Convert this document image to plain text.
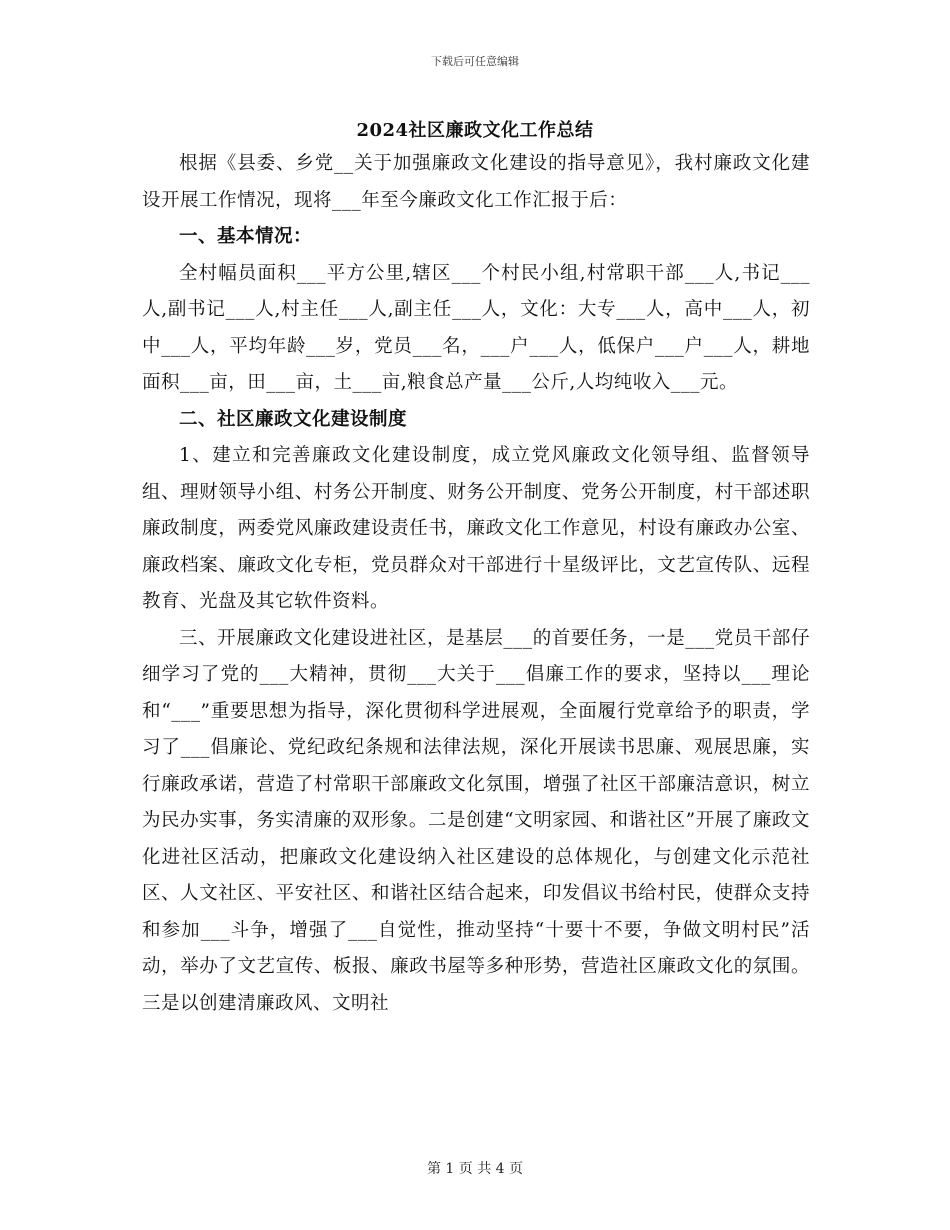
下载后可任意编辑
2024社区廉政文化工作总结

根据《县委、乡党__关于加强廉政文化建设的指导意见》，我村廉政文化建设开展工作情况，现将___年至今廉政文化工作汇报于后：

一、基本情况：

全村幅员面积___平方公里,辖区___个村民小组,村常职干部___人,书记___人,副书记___人,村主任___人,副主任___人，文化：大专___人，高中___人，初中___人，平均年龄___岁，党员___名，___户___人，低保户___户___人，耕地面积___亩，田___亩，土___亩,粮食总产量___公斤,人均纯收入___元。

二、社区廉政文化建设制度

1、建立和完善廉政文化建设制度，成立党风廉政文化领导组、监督领导组、理财领导小组、村务公开制度、财务公开制度、党务公开制度，村干部述职廉政制度，两委党风廉政建设责任书，廉政文化工作意见，村设有廉政办公室、廉政档案、廉政文化专柜，党员群众对干部进行十星级评比，文艺宣传队、远程教育、光盘及其它软件资料。

三、开展廉政文化建设进社区，是基层___的首要任务，一是___党员干部仔细学习了党的___大精神，贯彻___大关于___倡廉工作的要求，坚持以___理论和“___”重要思想为指导，深化贯彻科学进展观，全面履行党章给予的职责，学习了___倡廉论、党纪政纪条规和法律法规，深化开展读书思廉、观展思廉，实行廉政承诺，营造了村常职干部廉政文化氛围，增强了社区干部廉洁意识，树立为民办实事，务实清廉的双形象。二是创建“文明家园、和谐社区”开展了廉政文化进社区活动，把廉政文化建设纳入社区建设的总体规化，与创建文化示范社区、人文社区、平安社区、和谐社区结合起来，印发倡议书给村民，使群众支持和参加___斗争，增强了___自觉性，推动坚持“十要十不要，争做文明村民”活动，举办了文艺宣传、板报、廉政书屋等多种形势，营造社区廉政文化的氛围。三是以创建清廉政风、文明社

第 1 页 共 4 页
